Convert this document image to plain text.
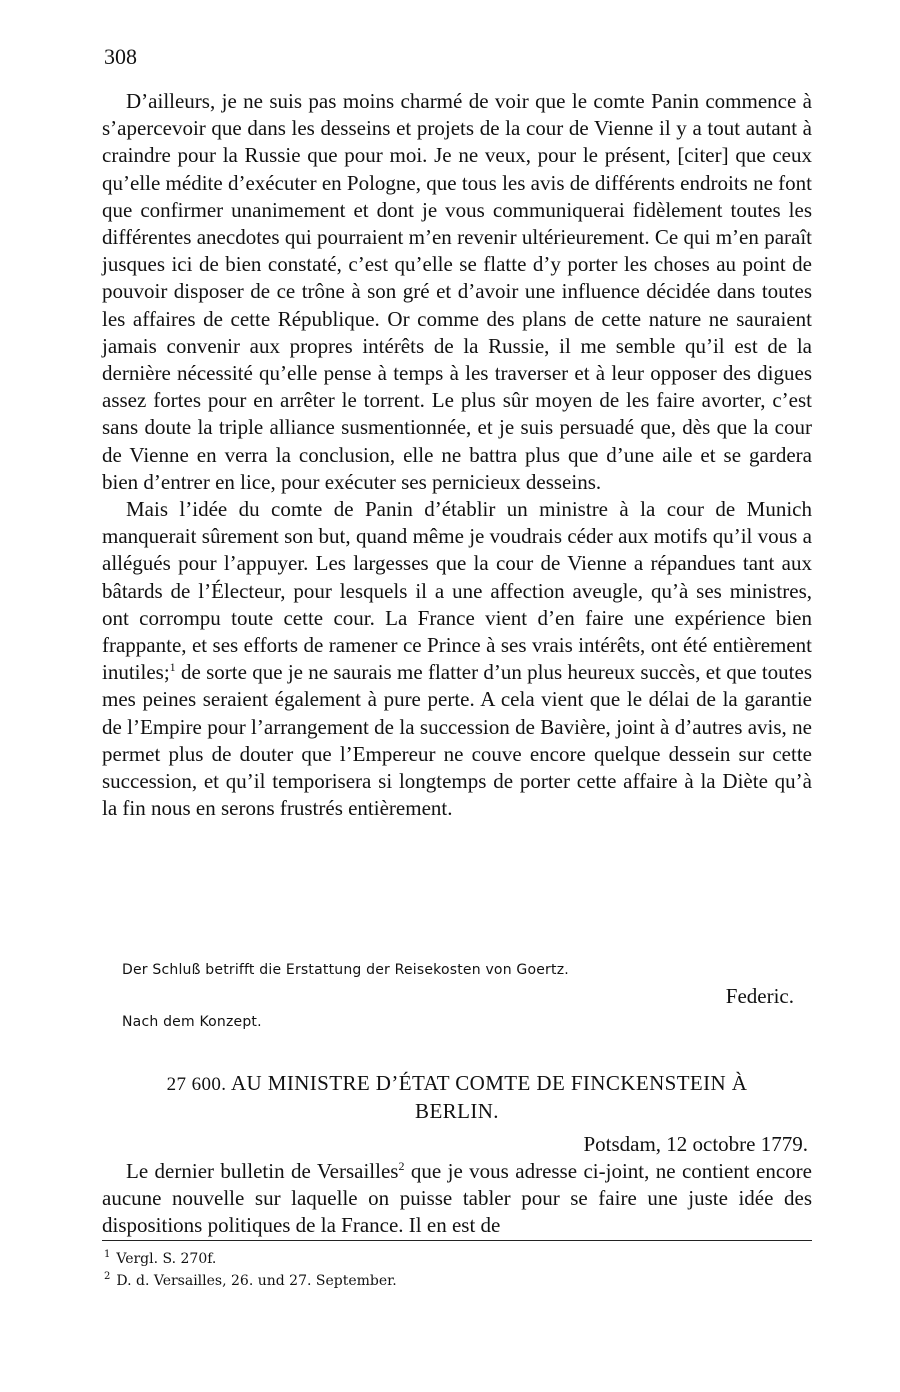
308

D’ailleurs, je ne suis pas moins charmé de voir que le comte Panin commence à s’apercevoir que dans les desseins et projets de la cour de Vienne il y a tout autant à craindre pour la Russie que pour moi. Je ne veux, pour le présent, [citer] que ceux qu’elle médite d’exécuter en Pologne, que tous les avis de différents endroits ne font que confirmer unanimement et dont je vous communiquerai fidèlement toutes les différentes anecdotes qui pourraient m’en revenir ultérieurement. Ce qui m’en paraît jusques ici de bien constaté, c’est qu’elle se flatte d’y porter les choses au point de pouvoir disposer de ce trône à son gré et d’avoir une influence décidée dans toutes les affaires de cette République. Or comme des plans de cette nature ne sauraient jamais convenir aux propres intérêts de la Russie, il me semble qu’il est de la dernière nécessité qu’elle pense à temps à les traverser et à leur opposer des digues assez fortes pour en arrêter le torrent. Le plus sûr moyen de les faire avorter, c’est sans doute la triple alliance susmentionnée, et je suis persuadé que, dès que la cour de Vienne en verra la conclusion, elle ne battra plus que d’une aile et se gardera bien d’entrer en lice, pour exécuter ses pernicieux desseins.

Mais l’idée du comte de Panin d’établir un ministre à la cour de Munich manquerait sûrement son but, quand même je voudrais céder aux motifs qu’il vous a allégués pour l’appuyer. Les largesses que la cour de Vienne a répandues tant aux bâtards de l’Électeur, pour lesquels il a une affection aveugle, qu’à ses ministres, ont corrompu toute cette cour. La France vient d’en faire une expérience bien frappante, et ses efforts de ramener ce Prince à ses vrais intérêts, ont été entièrement inutiles;$^1$ de sorte que je ne saurais me flatter d’un plus heureux succès, et que toutes mes peines seraient également à pure perte. A cela vient que le délai de la garantie de l’Empire pour l’arrangement de la succession de Bavière, joint à d’autres avis, ne permet plus de douter que l’Empereur ne couve encore quelque dessein sur cette succession, et qu’il temporisera si longtemps de porter cette affaire à la Diète qu’à la fin nous en serons frustrés entièrement.

Der Schluß betrifft die Erstattung der Reisekosten von Goertz.
Federic.
Nach dem Konzept.
27 600. AU MINISTRE D’ÉTAT COMTE DE FINCKENSTEIN À
BERLIN.
Potsdam, 12 octobre 1779.

Le dernier bulletin de Versailles$^2$ que je vous adresse ci-joint, ne contient encore aucune nouvelle sur laquelle on puisse tabler pour se faire une juste idée des dispositions politiques de la France. Il en est de

$^1$ Vergl. S. 270f.
$^2$ D. d. Versailles, 26. und 27. September.
